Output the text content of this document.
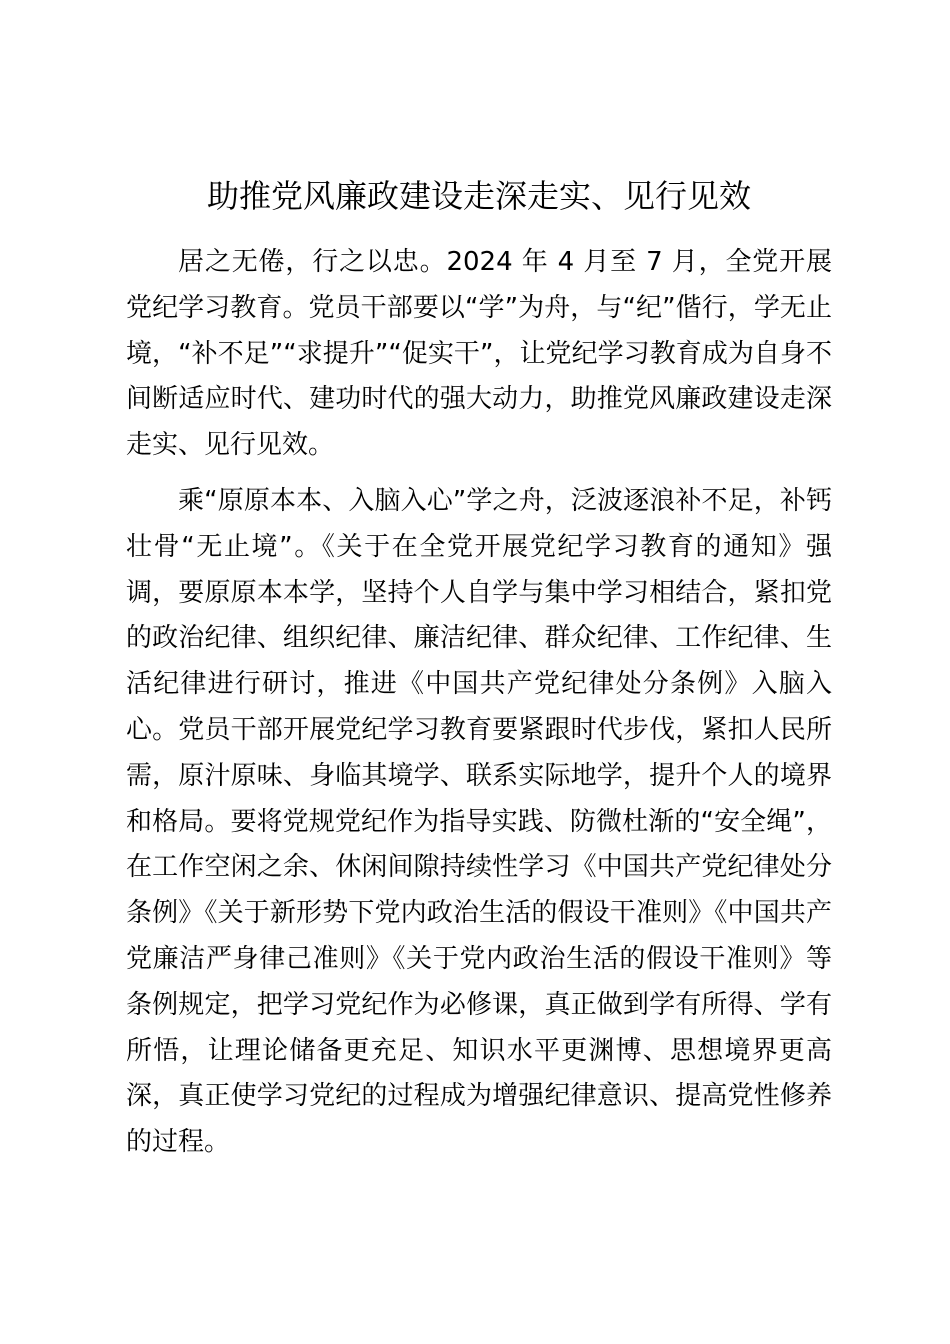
助推党风廉政建设走深走实、见行见效

居之无倦，行之以忠。2024 年 4 月至 7 月，全党开展党纪学习教育。党员干部要以“学”为舟，与“纪”偕行，学无止境，“补不足”“求提升”“促实干”，让党纪学习教育成为自身不间断适应时代、建功时代的强大动力，助推党风廉政建设走深走实、见行见效。

乘“原原本本、入脑入心”学之舟，泛波逐浪补不足，补钙壮骨“无止境”。《关于在全党开展党纪学习教育的通知》强调，要原原本本学，坚持个人自学与集中学习相结合，紧扣党的政治纪律、组织纪律、廉洁纪律、群众纪律、工作纪律、生活纪律进行研讨，推进《中国共产党纪律处分条例》入脑入心。党员干部开展党纪学习教育要紧跟时代步伐，紧扣人民所需，原汁原味、身临其境学、联系实际地学，提升个人的境界和格局。要将党规党纪作为指导实践、防微杜渐的“安全绳”，在工作空闲之余、休闲间隙持续性学习《中国共产党纪律处分条例》《关于新形势下党内政治生活的假设干准则》《中国共产党廉洁严身律己准则》《关于党内政治生活的假设干准则》等条例规定，把学习党纪作为必修课，真正做到学有所得、学有所悟，让理论储备更充足、知识水平更渊博、思想境界更高深，真正使学习党纪的过程成为增强纪律意识、提高党性修养的过程。
